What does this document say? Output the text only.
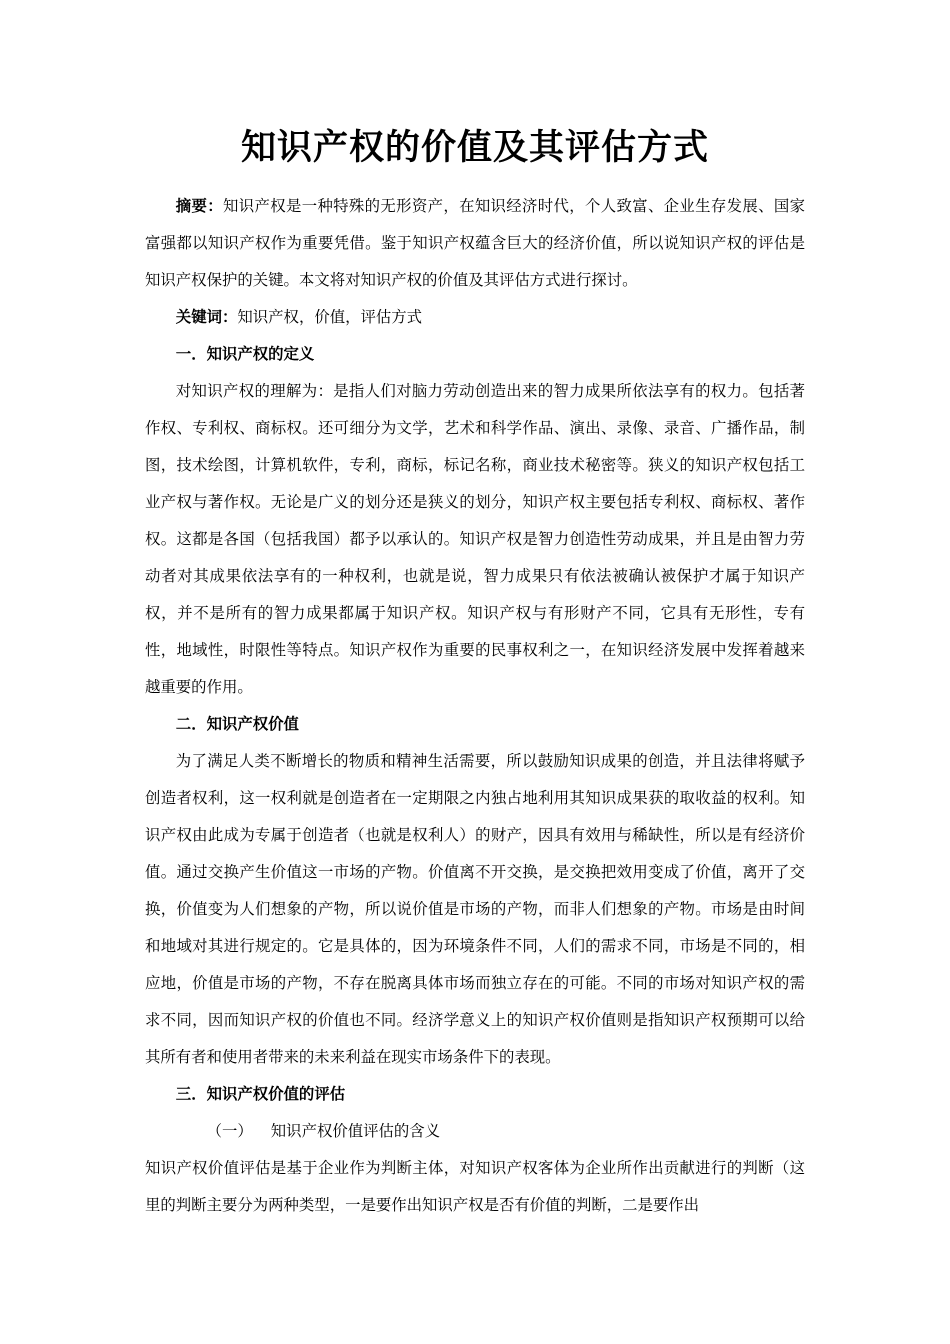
知识产权的价值及其评估方式

摘要：知识产权是一种特殊的无形资产，在知识经济时代，个人致富、企业生存发展、国家富强都以知识产权作为重要凭借。鉴于知识产权蕴含巨大的经济价值，所以说知识产权的评估是知识产权保护的关键。本文将对知识产权的价值及其评估方式进行探讨。

关键词：知识产权，价值，评估方式

一．知识产权的定义

对知识产权的理解为：是指人们对脑力劳动创造出来的智力成果所依法享有的权力。包括著作权、专利权、商标权。还可细分为文学，艺术和科学作品、演出、录像、录音、广播作品，制图，技术绘图，计算机软件，专利，商标，标记名称，商业技术秘密等。狭义的知识产权包括工业产权与著作权。无论是广义的划分还是狭义的划分，知识产权主要包括专利权、商标权、著作权。这都是各国（包括我国）都予以承认的。知识产权是智力创造性劳动成果，并且是由智力劳动者对其成果依法享有的一种权利，也就是说，智力成果只有依法被确认被保护才属于知识产权，并不是所有的智力成果都属于知识产权。知识产权与有形财产不同，它具有无形性，专有性，地域性，时限性等特点。知识产权作为重要的民事权利之一，在知识经济发展中发挥着越来越重要的作用。

二．知识产权价值

为了满足人类不断增长的物质和精神生活需要，所以鼓励知识成果的创造，并且法律将赋予创造者权利，这一权利就是创造者在一定期限之内独占地利用其知识成果获的取收益的权利。知识产权由此成为专属于创造者（也就是权利人）的财产，因具有效用与稀缺性，所以是有经济价值。通过交换产生价值这一市场的产物。价值离不开交换，是交换把效用变成了价值，离开了交换，价值变为人们想象的产物，所以说价值是市场的产物，而非人们想象的产物。市场是由时间和地域对其进行规定的。它是具体的，因为环境条件不同，人们的需求不同，市场是不同的，相应地，价值是市场的产物，不存在脱离具体市场而独立存在的可能。不同的市场对知识产权的需求不同，因而知识产权的价值也不同。经济学意义上的知识产权价值则是指知识产权预期可以给其所有者和使用者带来的未来利益在现实市场条件下的表现。

三．知识产权价值的评估

（一） 知识产权价值评估的含义

知识产权价值评估是基于企业作为判断主体，对知识产权客体为企业所作出贡献进行的判断（这里的判断主要分为两种类型，一是要作出知识产权是否有价值的判断，二是要作出
